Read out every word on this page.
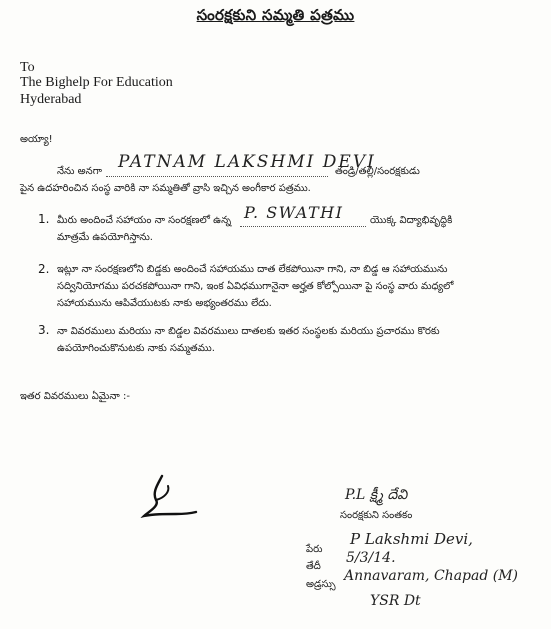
సంరక్షకుని సమ్మతి పత్రము
To
The Bighelp For Education
Hyderabad
అయ్యా!
నేను అనగా PATNAM LAKSHMI DEVI
తండ్రి/తల్లి/సంరక్షకుడు
పైన ఉదహరించిన సంస్థ వారికి నా సమ్మతితో వ్రాసి ఇచ్చిన అంగీకార పత్రము.
1. మీరు అందించే సహాయం నా సంరక్షణలో ఉన్న P. SWATHI	యొక్క విద్యాభివృద్ధికి
మాత్రమే ఉపయోగిస్తాను.
2. ఇట్లూ నా సంరక్షణలోని బిడ్డకు అందించే సహాయము దాత లేకపోయినా గాని, నా బిడ్డ ఆ సహాయమును
సద్వినియోగము పరచకపోయినా గాని, ఇంక ఏవిధముగానైనా అర్హత కోల్పోయినా పై సంస్థ వారు మధ్యలో
సహాయమును ఆపివేయుటకు నాకు అభ్యంతరము లేదు.
3. నా వివరములు మరియు నా బిడ్డల వివరములు దాతలకు ఇతర సంస్థలకు మరియు ప్రచారము కొరకు
ఉపయోగించుకొనుటకు నాకు సమ్మతము.
ఇతర వివరములు ఏమైనా :-
P.L క్ష్మీ దేవి
సంరక్షకుని సంతకం
పేరు
P Lakshmi Devi,
తేదీ
5/3/14.
అడ్రస్సు
Annavaram, Chapad (M)
YSR Dt
